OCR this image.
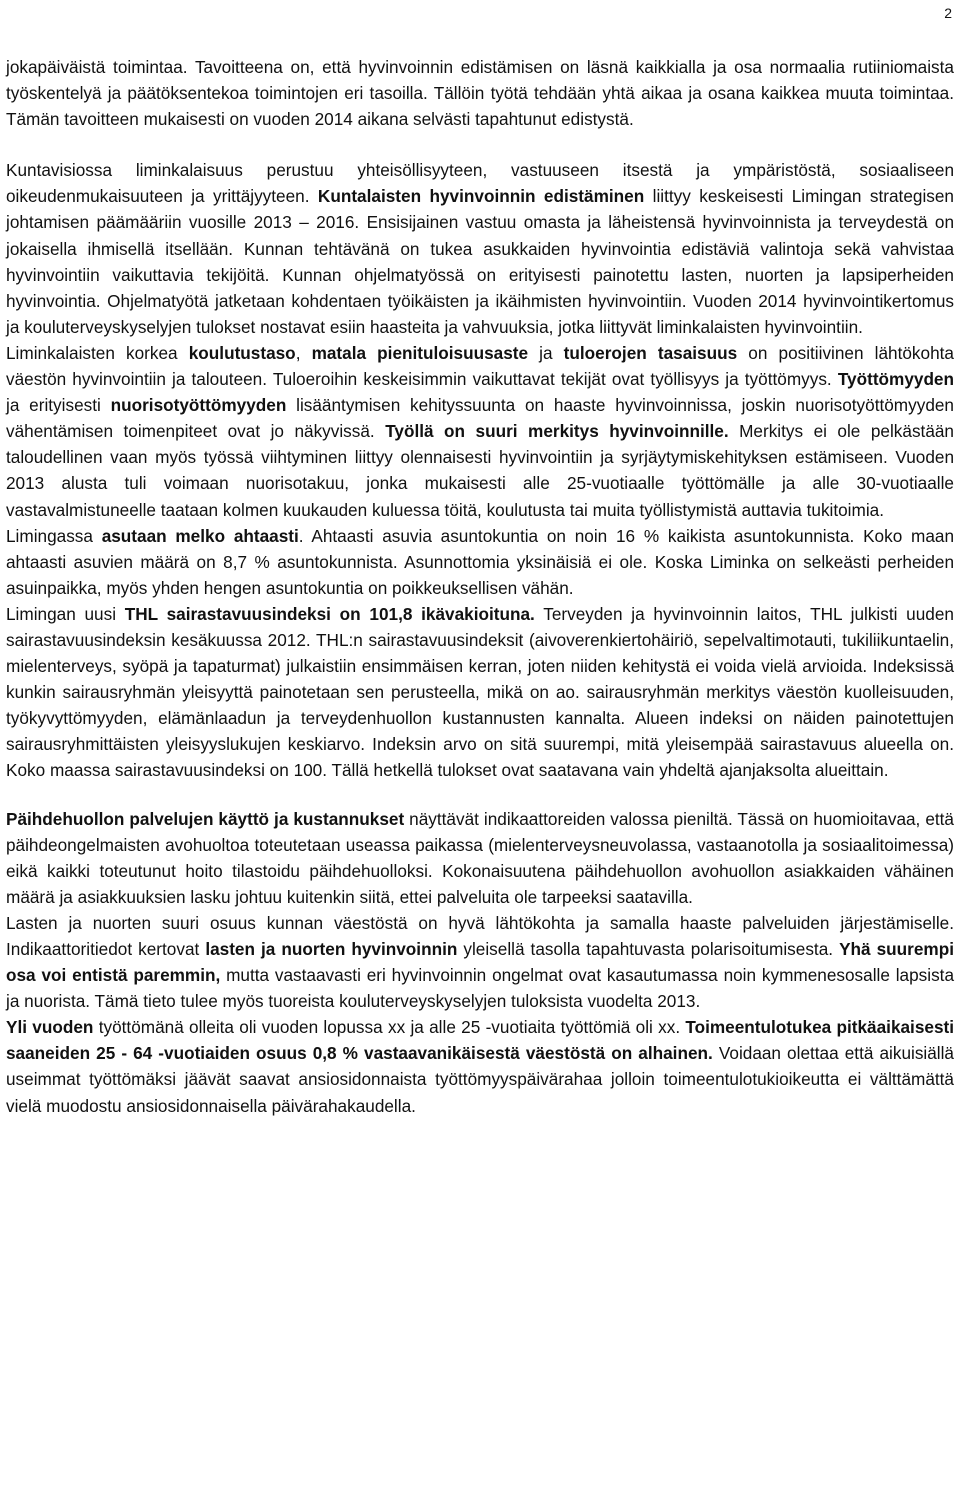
2

jokapäiväistä toimintaa. Tavoitteena on, että hyvinvoinnin edistämisen on läsnä kaikkialla ja osa normaalia rutiiniomaista työskentelyä ja päätöksentekoa toimintojen eri tasoilla. Tällöin työtä tehdään yhtä aikaa ja osana kaikkea muuta toimintaa. Tämän tavoitteen mukaisesti on vuoden 2014 aikana selvästi tapahtunut edistystä.

Kuntavisiossa liminkalaisuus perustuu yhteisöllisyyteen, vastuuseen itsestä ja ympäristöstä, sosiaaliseen oikeudenmukaisuuteen ja yrittäjyyteen. Kuntalaisten hyvinvoinnin edistäminen liittyy keskeisesti Limingan strategisen johtamisen päämääriin vuosille 2013 – 2016. Ensisijainen vastuu omasta ja läheistensä hyvinvoinnista ja terveydestä on jokaisella ihmisellä itsellään. Kunnan tehtävänä on tukea asukkaiden hyvinvointia edistäviä valintoja sekä vahvistaa hyvinvointiin vaikuttavia tekijöitä. Kunnan ohjelmatyössä on erityisesti painotettu lasten, nuorten ja lapsiperheiden hyvinvointia. Ohjelmatyötä jatketaan kohdentaen työikäisten ja ikäihmisten hyvinvointiin. Vuoden 2014 hyvinvointikertomus ja kouluterveyskyselyjen tulokset nostavat esiin haasteita ja vahvuuksia, jotka liittyvät liminkalaisten hyvinvointiin.

Liminkalaisten korkea koulutustaso, matala pienituloisuusaste ja tuloerojen tasaisuus on positiivinen lähtökohta väestön hyvinvointiin ja talouteen. Tuloeroihin keskeisimmin vaikuttavat tekijät ovat työllisyys ja työttömyys. Työttömyyden ja erityisesti nuorisotyöttömyyden lisääntymisen kehityssuunta on haaste hyvinvoinnissa, joskin nuorisotyöttömyyden vähentämisen toimenpiteet ovat jo näkyvissä. Työllä on suuri merkitys hyvinvoinnille. Merkitys ei ole pelkästään taloudellinen vaan myös työssä viihtyminen liittyy olennaisesti hyvinvointiin ja syrjäytymiskehityksen estämiseen. Vuoden 2013 alusta tuli voimaan nuorisotakuu, jonka mukaisesti alle 25-vuotiaalle työttömälle ja alle 30-vuotiaalle vastavalmistuneelle taataan kolmen kuukauden kuluessa töitä, koulutusta tai muita työllistymistä auttavia tukitoimia.

Limingassa asutaan melko ahtaasti. Ahtaasti asuvia asuntokuntia on noin 16 % kaikista asuntokunnista. Koko maan ahtaasti asuvien määrä on 8,7 % asuntokunnista. Asunnottomia yksinäisiä ei ole. Koska Liminka on selkeästi perheiden asuinpaikka, myös yhden hengen asuntokuntia on poikkeuksellisen vähän.

Limingan uusi THL sairastavuusindeksi on 101,8 ikävakioituna. Terveyden ja hyvinvoinnin laitos, THL julkisti uuden sairastavuusindeksin kesäkuussa 2012. THL:n sairastavuusindeksit (aivoverenkiertohäiriö, sepelvaltimotauti, tukiliikuntaelin, mielenterveys, syöpä ja tapaturmat) julkaistiin ensimmäisen kerran, joten niiden kehitystä ei voida vielä arvioida. Indeksissä kunkin sairausryhmän yleisyyttä painotetaan sen perusteella, mikä on ao. sairausryhmän merkitys väestön kuolleisuuden, työkyvyttömyyden, elämänlaadun ja terveydenhuollon kustannusten kannalta. Alueen indeksi on näiden painotettujen sairausryhmittäisten yleisyyslukujen keskiarvo. Indeksin arvo on sitä suurempi, mitä yleisempää sairastavuus alueella on. Koko maassa sairastavuusindeksi on 100. Tällä hetkellä tulokset ovat saatavana vain yhdeltä ajanjaksolta alueittain.

Päihdehuollon palvelujen käyttö ja kustannukset näyttävät indikaattoreiden valossa pieniltä. Tässä on huomioitavaa, että päihdeongelmaisten avohuoltoa toteutetaan useassa paikassa (mielenterveysneuvolassa, vastaanotolla ja sosiaalitoimessa) eikä kaikki toteutunut hoito tilastoidu päihdehuolloksi. Kokonaisuutena päihdehuollon avohuollon asiakkaiden vähäinen määrä ja asiakkuuksien lasku johtuu kuitenkin siitä, ettei palveluita ole tarpeeksi saatavilla.

Lasten ja nuorten suuri osuus kunnan väestöstä on hyvä lähtökohta ja samalla haaste palveluiden järjestämiselle. Indikaattoritiedot kertovat lasten ja nuorten hyvinvoinnin yleisellä tasolla tapahtuvasta polarisoitumisesta. Yhä suurempi osa voi entistä paremmin, mutta vastaavasti eri hyvinvoinnin ongelmat ovat kasautumassa noin kymmenesosalle lapsista ja nuorista. Tämä tieto tulee myös tuoreista kouluterveyskyselyjen tuloksista vuodelta 2013.

Yli vuoden työttömänä olleita oli vuoden lopussa xx ja alle 25 -vuotiaita työttömiä oli xx. Toimeentulotukea pitkäaikaisesti saaneiden 25 - 64 -vuotiaiden osuus 0,8 % vastaavanikäisestä väestöstä on alhainen. Voidaan olettaa että aikuisiällä useimmat työttömäksi jäävät saavat ansiosidonnaista työttömyyspäivärahaa jolloin toimeentulotukioikeutta ei välttämättä vielä muodostu ansiosidonnaisella päivärahakaudella.
